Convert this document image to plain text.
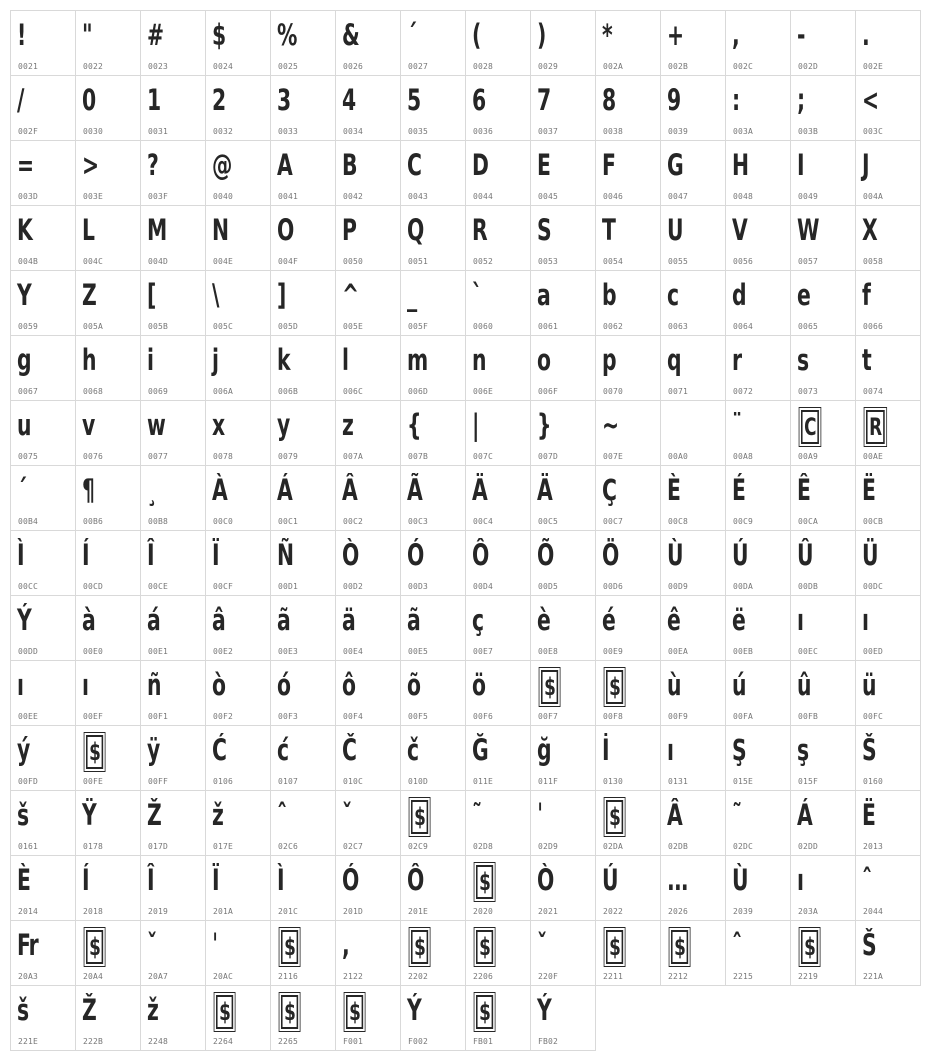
!
0021
"
0022
#
0023
$
0024
%
0025
&
0026
´
0027
(
0028
)
0029
*
002A
+
002B
,
002C
-
002D
.
002E
/
002F
0
0030
1
0031
2
0032
3
0033
4
0034
5
0035
6
0036
7
0037
8
0038
9
0039
:
003A
;
003B
<
003C
=
003D
>
003E
?
003F
@
0040
A
0041
B
0042
C
0043
D
0044
E
0045
F
0046
G
0047
H
0048
I
0049
J
004A
K
004B
L
004C
M
004D
N
004E
O
004F
P
0050
Q
0051
R
0052
S
0053
T
0054
U
0055
V
0056
W
0057
X
0058
Y
0059
Z
005A
[
005B
\
005C
]
005D
^
005E
_
005F
`
0060
a
0061
b
0062
c
0063
d
0064
e
0065
f
0066
g
0067
h
0068
i
0069
j
006A
k
006B
l
006C
m
006D
n
006E
o
006F
p
0070
q
0071
r
0072
s
0073
t
0074
u
0075
v
0076
w
0077
x
0078
y
0079
z
007A
{
007B
|
007C
}
007D
~
007E	00A0
¨
00A8
C
00A9
R
00AE
´
00B4
¶
00B6
¸
00B8
À
00C0
Á
00C1
Â
00C2
Ã
00C3
Ä
00C4
Ä
00C5
Ç
00C7
È
00C8
É
00C9
Ê
00CA
Ë
00CB
Ì
00CC
Í
00CD
Î
00CE
Ï
00CF
Ñ
00D1
Ò
00D2
Ó
00D3
Ô
00D4
Õ
00D5
Ö
00D6
Ù
00D9
Ú
00DA
Û
00DB
Ü
00DC
Ý
00DD
à
00E0
á
00E1
â
00E2
ã
00E3
ä
00E4
ã
00E5
ç
00E7
è
00E8
é
00E9
ê
00EA
ë
00EB
ı
00EC
ı
00ED
ı
00EE
ı
00EF
ñ
00F1
ò
00F2
ó
00F3
ô
00F4
õ
00F5
ö
00F6
$
00F7
$
00F8
ù
00F9
ú
00FA
û
00FB
ü
00FC
ý
00FD
$
00FE
ÿ
00FF
Ć
0106
ć
0107
Č
010C
č
010D
Ğ
011E
ğ
011F
İ
0130
ı
0131
Ş
015E
ş
015F
Š
0160
š
0161
Ÿ
0178
Ž
017D
ž
017E
ˆ
02C6
ˇ
02C7
$
02C9
˜
02D8
ˈ
02D9
$
02DA
Â
02DB
˜
02DC
Á
02DD
Ë
2013
È
2014
Í
2018
Î
2019
Ï
201A
Ì
201C
Ó
201D
Ô
201E
$
2020
Ò
2021
Ú
2022
...
2026
Ù
2039
ı
203A
ˆ
2044
Fr
20A3
$
20A4
ˇ
20A7
ˈ
20AC
$
2116
,
2122
$
2202
$
2206
ˇ
220F
$
2211
$
2212
ˆ
2215
$
2219
Š
221A
š
221E
Ž
222B
ž
2248
$
2264
$
2265
$
F001
Ý
F002
$
FB01
Ý
FB02
